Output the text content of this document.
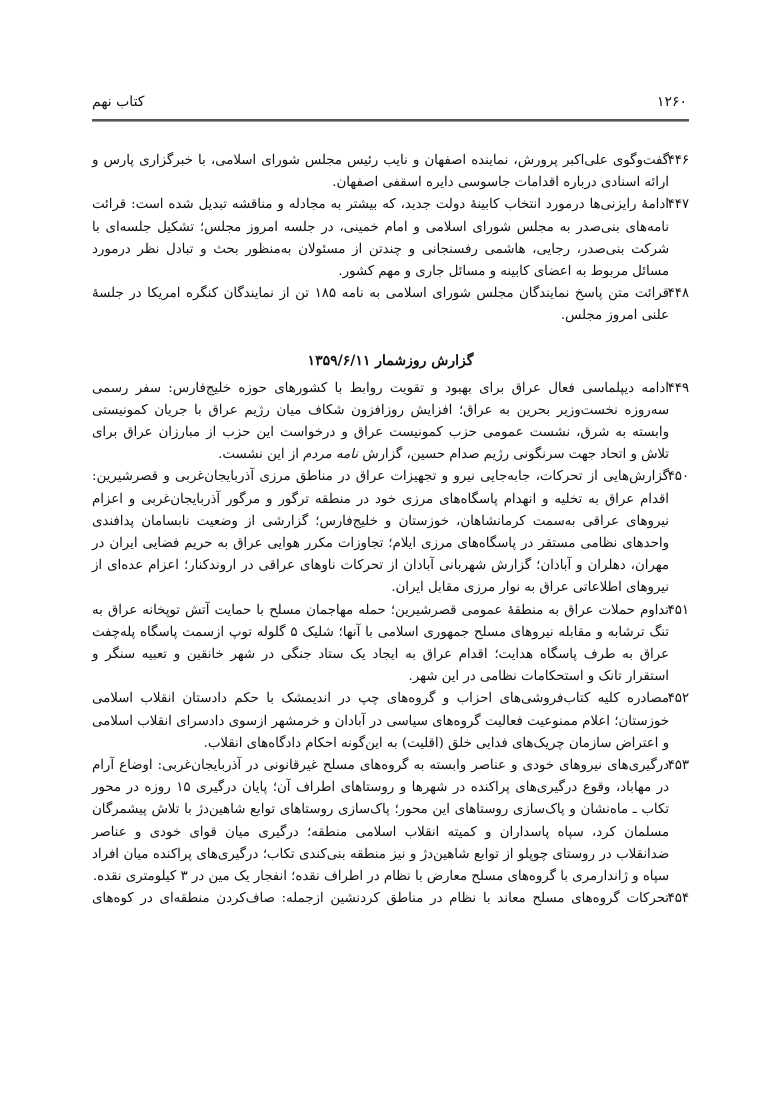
۱۲۶۰
کتاب نهم

۴۴۶
گفت‌وگوی علی‌اکبر پرورش، نماینده اصفهان و نایب رئیس مجلس شورای اسلامی، با خبرگزاری پارس و ارائه اسنادی درباره اقدامات جاسوسی دایره اسقفی اصفهان.

۴۴۷
ادامهٔ رایزنی‌ها درمورد انتخاب کابینهٔ دولت جدید، که بیشتر به مجادله و مناقشه تبدیل شده است: قرائت نامه‌های بنی‌صدر به مجلس شورای اسلامی و امام خمینی، در جلسه امروز مجلس؛ تشکیل جلسه‌ای با شرکت بنی‌صدر، رجایی، هاشمی رفسنجانی و چندتن از مسئولان به‌منظور بحث و تبادل نظر درمورد مسائل مربوط به اعضای کابینه و مسائل جاری و مهم کشور.

۴۴۸
قرائت متن پاسخ نمایندگان مجلس شورای اسلامی به نامه ۱۸۵ تن از نمایندگان کنگره امریکا در جلسهٔ علنی امروز مجلس.

گزارش روزشمار ۱۳۵۹/۶/۱۱

۴۴۹
ادامه دیپلماسی فعال عراق برای بهبود و تقویت روابط با کشورهای حوزه خلیج‌فارس: سفر رسمی سه‌روزه نخست‌وزیر بحرین به عراق؛ افزایش روزافزون شکاف میان رژیم عراق با جریان کمونیستی وابسته به شرق، نشست عمومی حزب کمونیست عراق و درخواست این حزب از مبارزان عراق برای تلاش و اتحاد جهت سرنگونی رژیم صدام حسین، گزارش نامه مردم از این نشست.

۴۵۰
گزارش‌هایی از تحرکات، جابه‌جایی نیرو و تجهیزات عراق در مناطق مرزی آذربایجان‌غربی و قصرشیرین: اقدام عراق به تخلیه و انهدام پاسگاه‌های مرزی خود در منطقه ترگور و مرگور آذربایجان‌غربی و اعزام نیروهای عراقی به‌سمت کرمانشاهان، خوزستان و خلیج‌فارس؛ گزارشی از وضعیت نابسامان پدافندی واحدهای نظامی مستقر در پاسگاه‌های مرزی ایلام؛ تجاوزات مکرر هوایی عراق به حریم فضایی ایران در مهران، دهلران و آبادان؛ گزارش شهربانی آبادان از تحرکات ناوهای عراقی در اروندکنار؛ اعزام عده‌ای از نیروهای اطلاعاتی عراق به نوار مرزی مقابل ایران.

۴۵۱
تداوم حملات عراق به منطقهٔ عمومی قصرشیرین؛ حمله مهاجمان مسلح با حمایت آتش توپخانه عراق به تنگ ترشابه و مقابله نیروهای مسلح جمهوری اسلامی با آنها؛ شلیک ۵ گلوله توپ ازسمت پاسگاه پله‌چفت عراق به طرف پاسگاه هدایت؛ اقدام عراق به ایجاد یک ستاد جنگی در شهر خانقین و تعبیه سنگر و استقرار تانک و استحکامات نظامی در این شهر.

۴۵۲
مصادره کلیه کتاب‌فروشی‌های احزاب و گروه‌های چپ در اندیمشک با حکم دادستان انقلاب اسلامی خوزستان؛ اعلام ممنوعیت فعالیت گروه‌های سیاسی در آبادان و خرمشهر ازسوی دادسرای انقلاب اسلامی و اعتراض سازمان چریک‌های فدایی خلق (اقلیت) به این‌گونه احکام دادگاه‌های انقلاب.

۴۵۳
درگیری‌های نیروهای خودی و عناصر وابسته به گروه‌های مسلح غیرقانونی در آذربایجان‌غربی: اوضاع آرام در مهاباد، وقوع درگیری‌های پراکنده در شهرها و روستاهای اطراف آن؛ پایان درگیری ۱۵ روزه در محور تکاب ـ ماه‌نشان و پاک‌سازی روستاهای این محور؛ پاک‌سازی روستاهای توابع شاهین‌دژ با تلاش پیشمرگان مسلمان کرد، سپاه پاسداران و کمیته انقلاب اسلامی منطقه؛ درگیری میان قوای خودی و عناصر ضدانقلاب در روستای چوپلو از توابع شاهین‌دژ و نیز منطقه بنی‌کندی تکاب؛ درگیری‌های پراکنده میان افراد سپاه و ژاندارمری با گروه‌های مسلح معارض با نظام در اطراف نقده؛ انفجار یک مین در ۳ کیلومتری نقده.

۴۵۴
تحرکات گروه‌های مسلح معاند با نظام در مناطق کردنشین ازجمله: صاف‌کردن منطقه‌ای در کوه‌های
